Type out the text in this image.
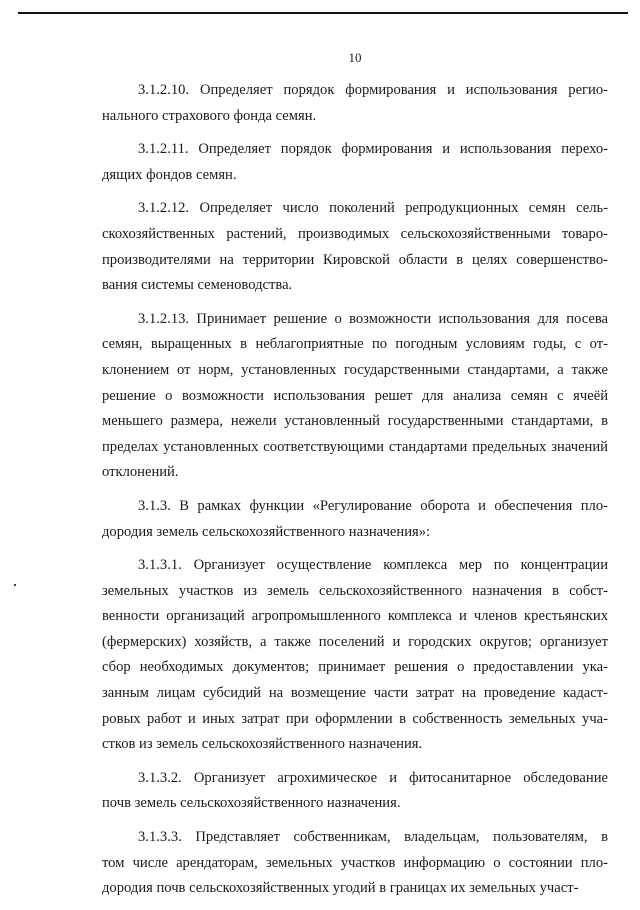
10
3.1.2.10. Определяет порядок формирования и использования регио-
нального страхового фонда семян.
3.1.2.11. Определяет порядок формирования и использования перехо-
дящих фондов семян.
3.1.2.12. Определяет число поколений репродукционных семян сель-
скохозяйственных растений, производимых сельскохозяйственными товаро-
производителями на территории Кировской области в целях совершенство-
вания системы семеноводства.
3.1.2.13. Принимает решение о возможности использования для посева
семян, выращенных в неблагоприятные по погодным условиям годы, с от-
клонением от норм, установленных государственными стандартами, а также
решение о возможности использования решет для анализа семян с ячеёй
меньшего размера, нежели установленный государственными стандартами, в
пределах установленных соответствующими стандартами предельных значений
отклонений.
3.1.3. В рамках функции «Регулирование оборота и обеспечения пло-
дородия земель сельскохозяйственного назначения»:
3.1.3.1. Организует осуществление комплекса мер по концентрации
земельных участков из земель сельскохозяйственного назначения в собст-
венности организаций агропромышленного комплекса и членов крестьянских
(фермерских) хозяйств, а также поселений и городских округов; организует
сбор необходимых документов; принимает решения о предоставлении ука-
занным лицам субсидий на возмещение части затрат на проведение кадаст-
ровых работ и иных затрат при оформлении в собственность земельных уча-
стков из земель сельскохозяйственного назначения.
3.1.3.2. Организует агрохимическое и фитосанитарное обследование
почв земель сельскохозяйственного назначения.
3.1.3.3. Представляет собственникам, владельцам, пользователям, в
том числе арендаторам, земельных участков информацию о состоянии пло-
дородия почв сельскохозяйственных угодий в границах их земельных участ-
